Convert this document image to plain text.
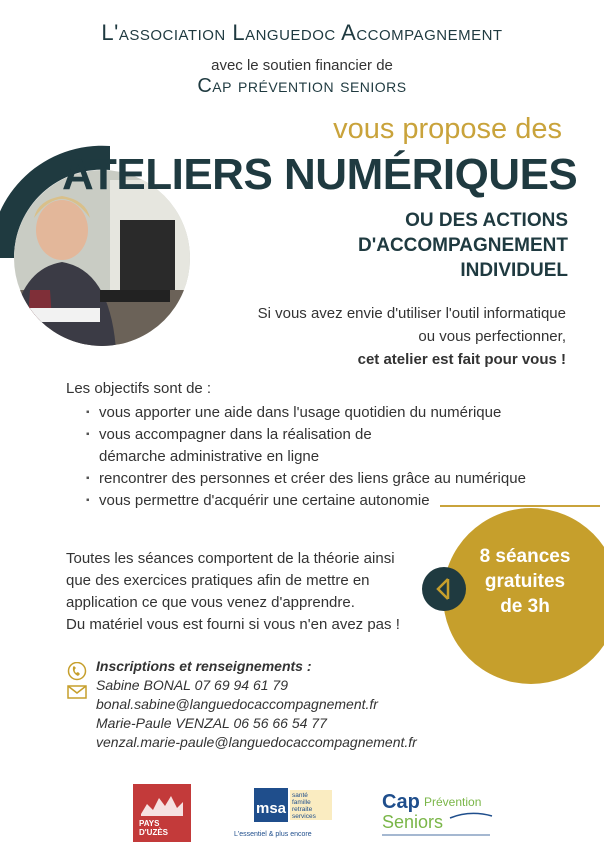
L'association Languedoc Accompagnement
avec le soutien financier de
Cap prévention seniors
vous propose des
ATELIERS NUMÉRIQUES
OU DES ACTIONS
D'ACCOMPAGNEMENT
INDIVIDUEL
Si vous avez envie d'utiliser l'outil informatique
ou vous perfectionner,
cet atelier est fait pour vous !
Les objectifs sont de :
▪ vous apporter une aide dans l'usage quotidien du numérique
▪ vous accompagner dans la réalisation de démarche administrative en ligne
▪ rencontrer des personnes et créer des liens grâce au numérique
▪ vous permettre d'acquérir une certaine autonomie
8 séances
gratuites
de 3h
Toutes les séances comportent de la théorie ainsi
que des exercices pratiques afin de mettre en
application ce que vous venez d'apprendre.
Du matériel vous est fourni si vous n'en avez pas !
Inscriptions et renseignements :
Sabine BONAL 07 69 94 61 79
bonal.sabine@languedocaccompagnement.fr
Marie-Paule VENZAL 06 56 66 54 77
venzal.marie-paule@languedocaccompagnement.fr
PAYS
D'UZÈS
msa
santé
famille
retraite
services
L'essentiel & plus encore
Cap Prévention
Seniors
